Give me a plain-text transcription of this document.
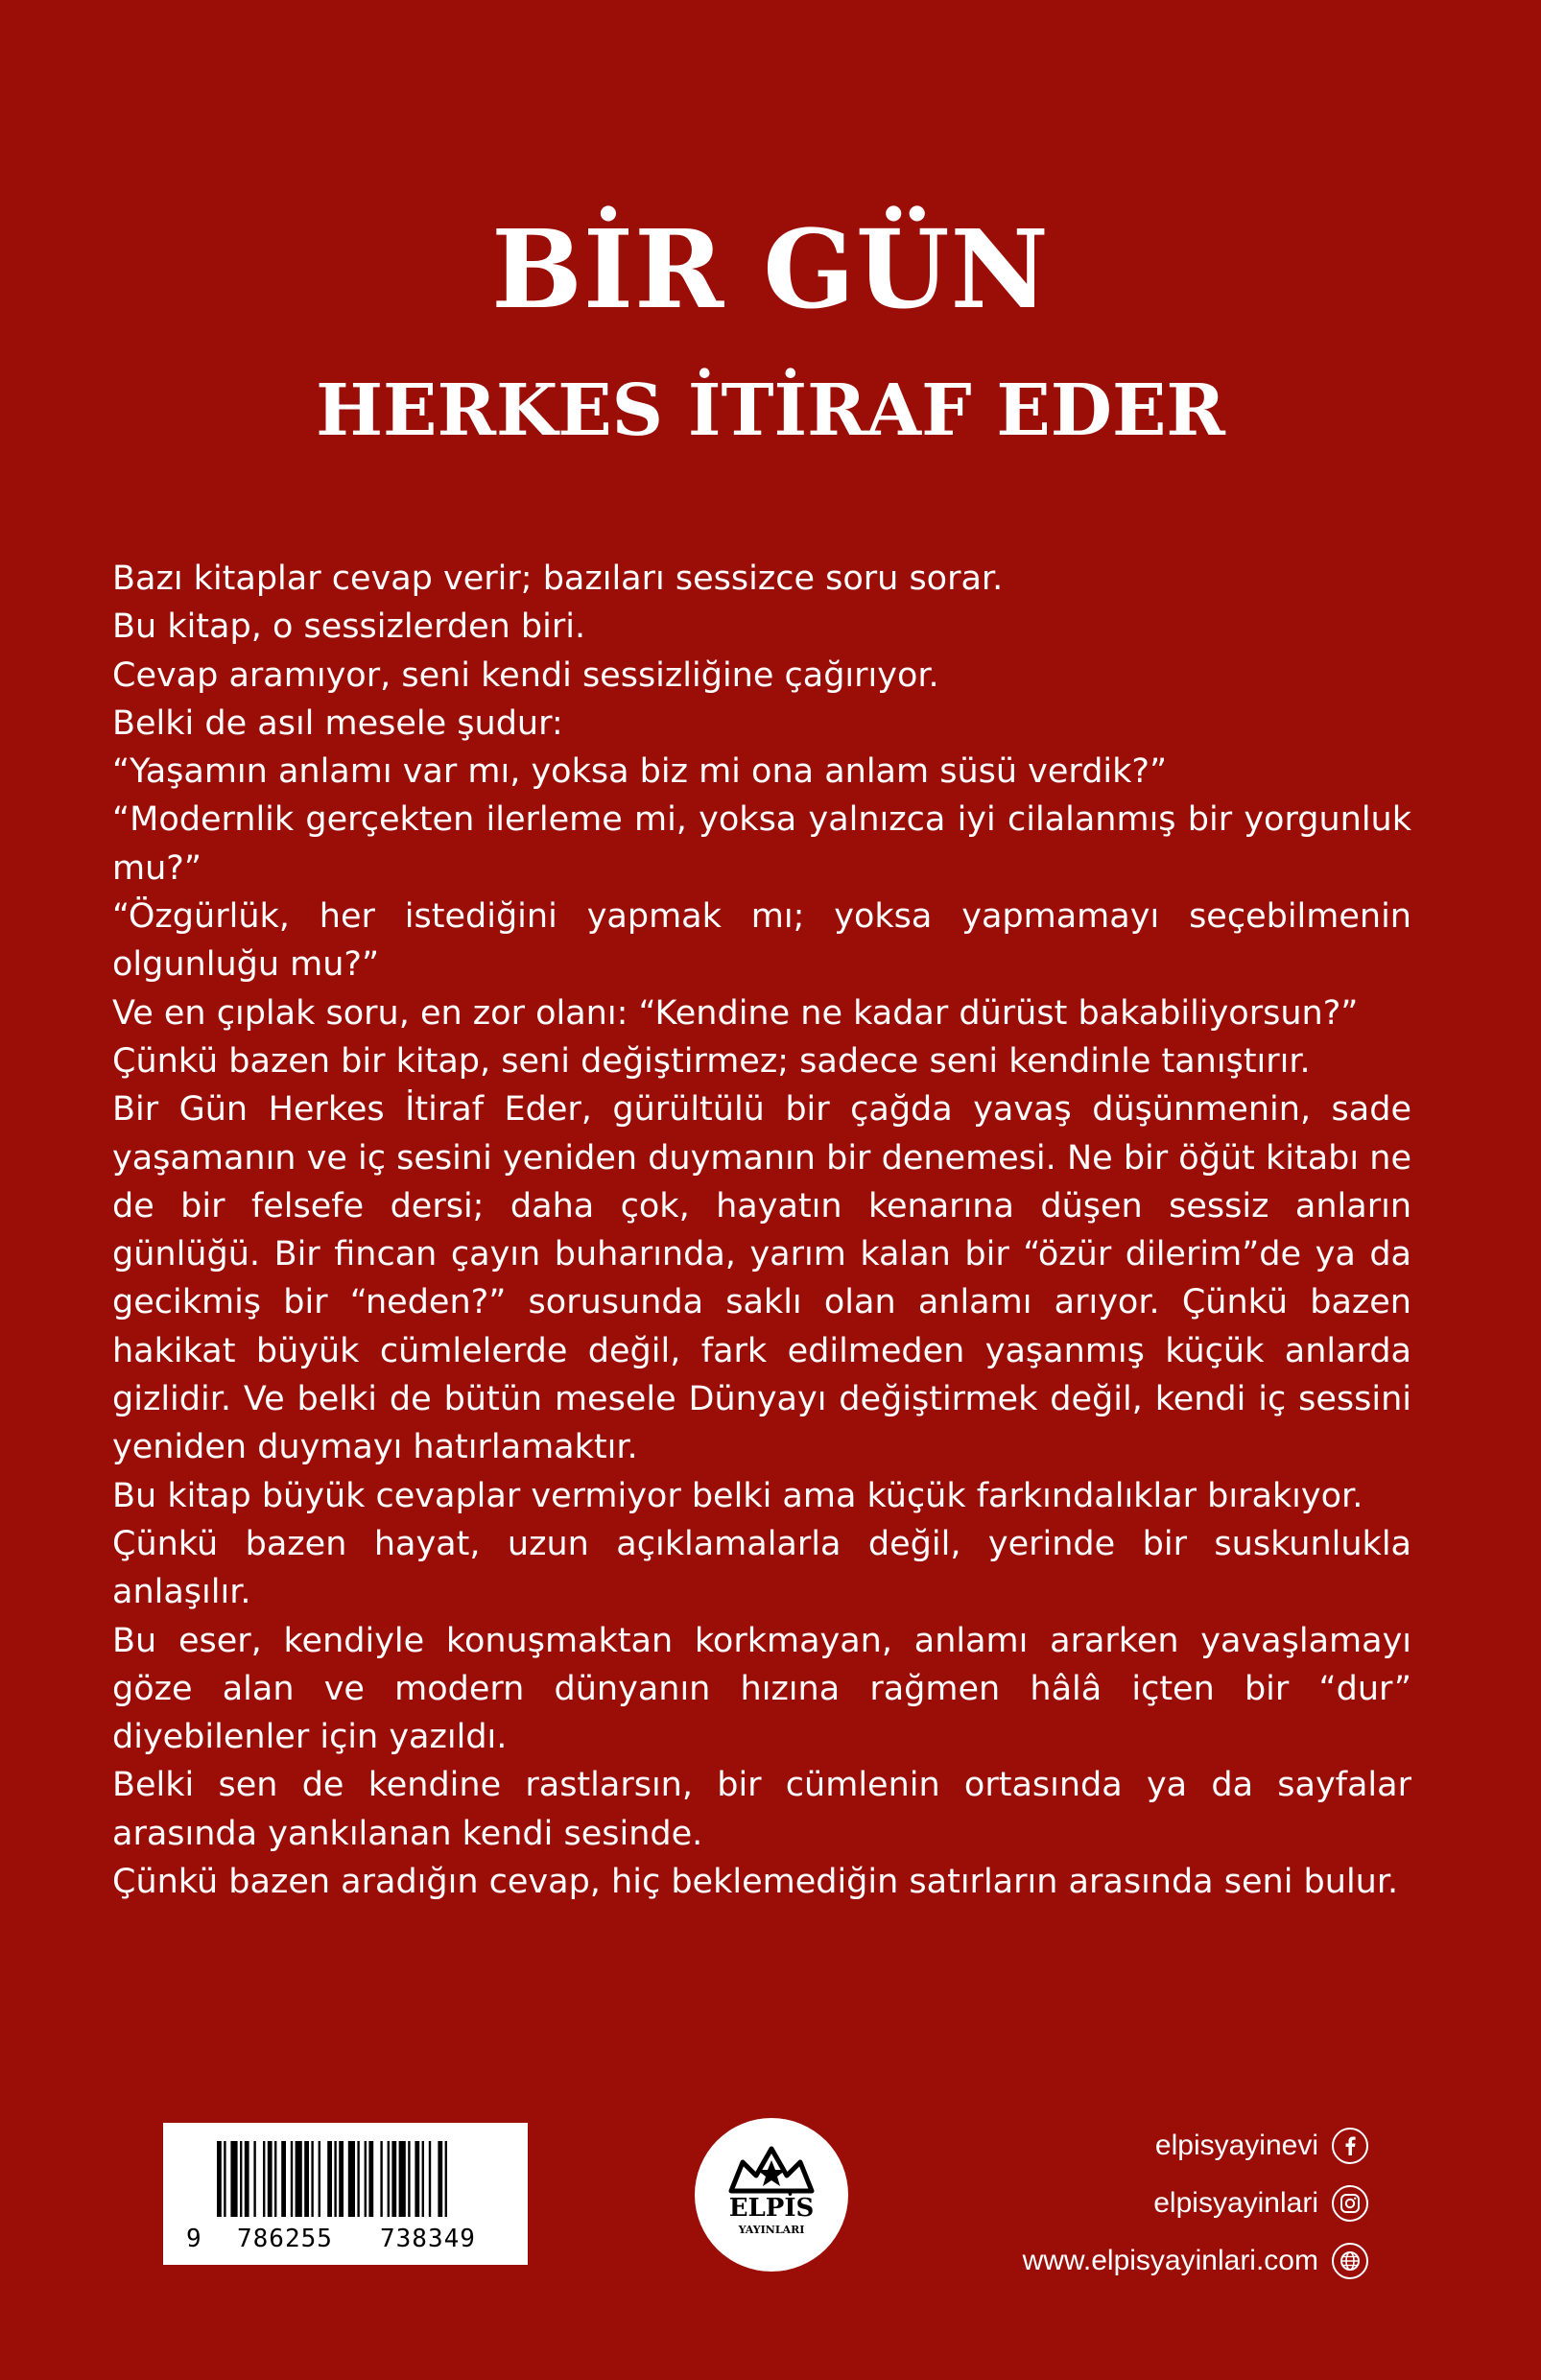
BİR GÜN
HERKES İTİRAF EDER

Bazı kitaplar cevap verir; bazıları sessizce soru sorar.

Bu kitap, o sessizlerden biri.

Cevap aramıyor, seni kendi sessizliğine çağırıyor.

Belki de asıl mesele şudur:

“Yaşamın anlamı var mı, yoksa biz mi ona anlam süsü verdik?”

“Modernlik gerçekten ilerleme mi, yoksa yalnızca iyi cilalanmış bir yorgunluk mu?”

“Özgürlük, her istediğini yapmak mı; yoksa yapmamayı seçebilmenin olgunluğu mu?”

Ve en çıplak soru, en zor olanı: “Kendine ne kadar dürüst bakabiliyorsun?”

Çünkü bazen bir kitap, seni değiştirmez; sadece seni kendinle tanıştırır.

Bir Gün Herkes İtiraf Eder, gürültülü bir çağda yavaş düşünmenin, sade yaşamanın ve iç sesini yeniden duymanın bir denemesi. Ne bir öğüt kitabı ne de bir felsefe dersi; daha çok, hayatın kenarına düşen sessiz anların günlüğü. Bir fincan çayın buharında, yarım kalan bir “özür dilerim”de ya da gecikmiş bir “neden?” sorusunda saklı olan anlamı arıyor. Çünkü bazen hakikat büyük cümlelerde değil, fark edilmeden yaşanmış küçük anlarda gizlidir. Ve belki de bütün mesele Dünyayı değiştirmek değil, kendi iç sessini yeniden duymayı hatırlamaktır.

Bu kitap büyük cevaplar vermiyor belki ama küçük farkındalıklar bırakıyor.

Çünkü bazen hayat, uzun açıklamalarla değil, yerinde bir suskunlukla anlaşılır.

Bu eser, kendiyle konuşmaktan korkmayan, anlamı ararken yavaşlamayı göze alan ve modern dünyanın hızına rağmen hâlâ içten bir “dur” diyebilenler için yazıldı.

Belki sen de kendine rastlarsın, bir cümlenin ortasında ya da sayfalar arasında yankılanan kendi sesinde.

Çünkü bazen aradığın cevap, hiç beklemediğin satırların arasında seni bulur.

9 786255 738349
ELPİS
YAYINLARI
elpisyayinevi
elpisyayinlari
www.elpisyayinlari.com
